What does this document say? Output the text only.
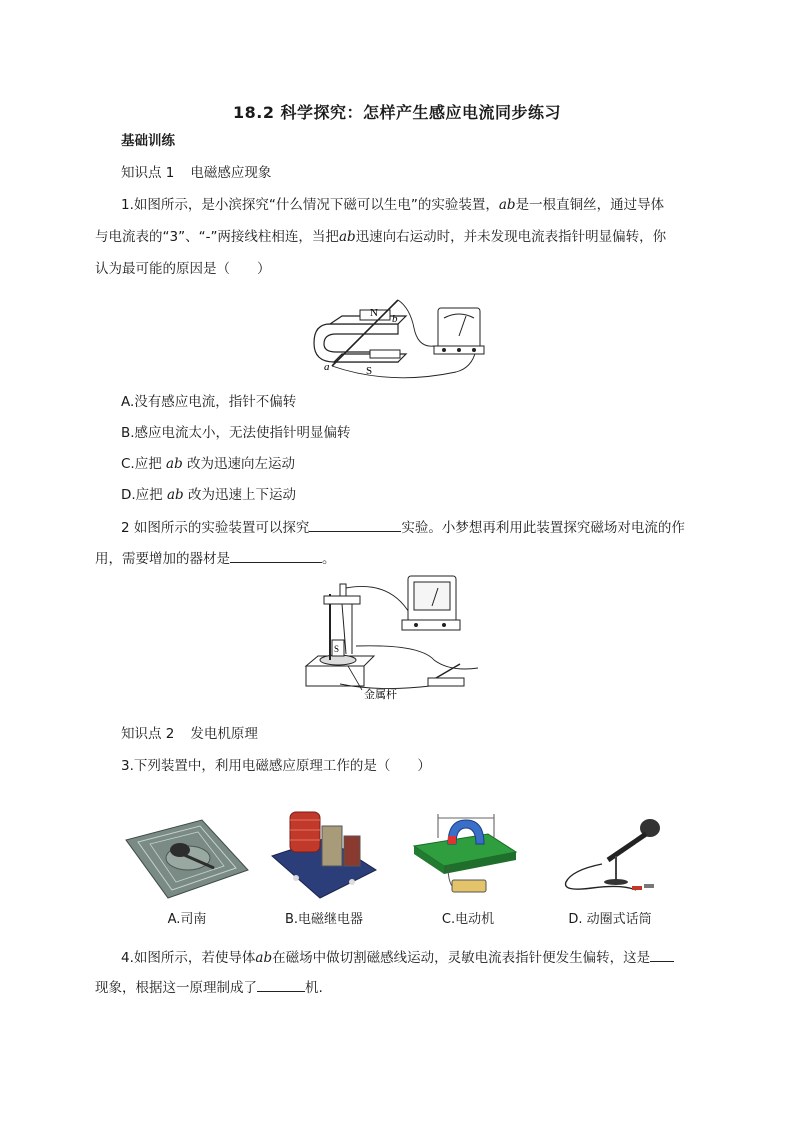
18.2 科学探究：怎样产生感应电流同步练习
基础训练
知识点 1 电磁感应现象
1.如图所示，是小滨探究“什么情况下磁可以生电”的实验装置，ab是一根直铜丝，通过导体
与电流表的“3”、“-”两接线柱相连，当把ab迅速向右运动时，并未发现电流表指针明显偏转，你
认为最可能的原因是（　　）
N
S
a
b
A.没有感应电流，指针不偏转
B.感应电流太小，无法使指针明显偏转
C.应把 ab 改为迅速向左运动
D.应把 ab 改为迅速上下运动
2 如图所示的实验装置可以探究	实验。小梦想再利用此装置探究磁场对电流的作
用，需要增加的器材是	。
S
金属杆
知识点 2 发电机原理
3.下列装置中，利用电磁感应原理工作的是（　　）
A.司南	B.电磁继电器	C.电动机	D. 动圈式话筒
4.如图所示，若使导体ab在磁场中做切割磁感线运动，灵敏电流表指针便发生偏转，这是
现象，根据这一原理制成了	机.
